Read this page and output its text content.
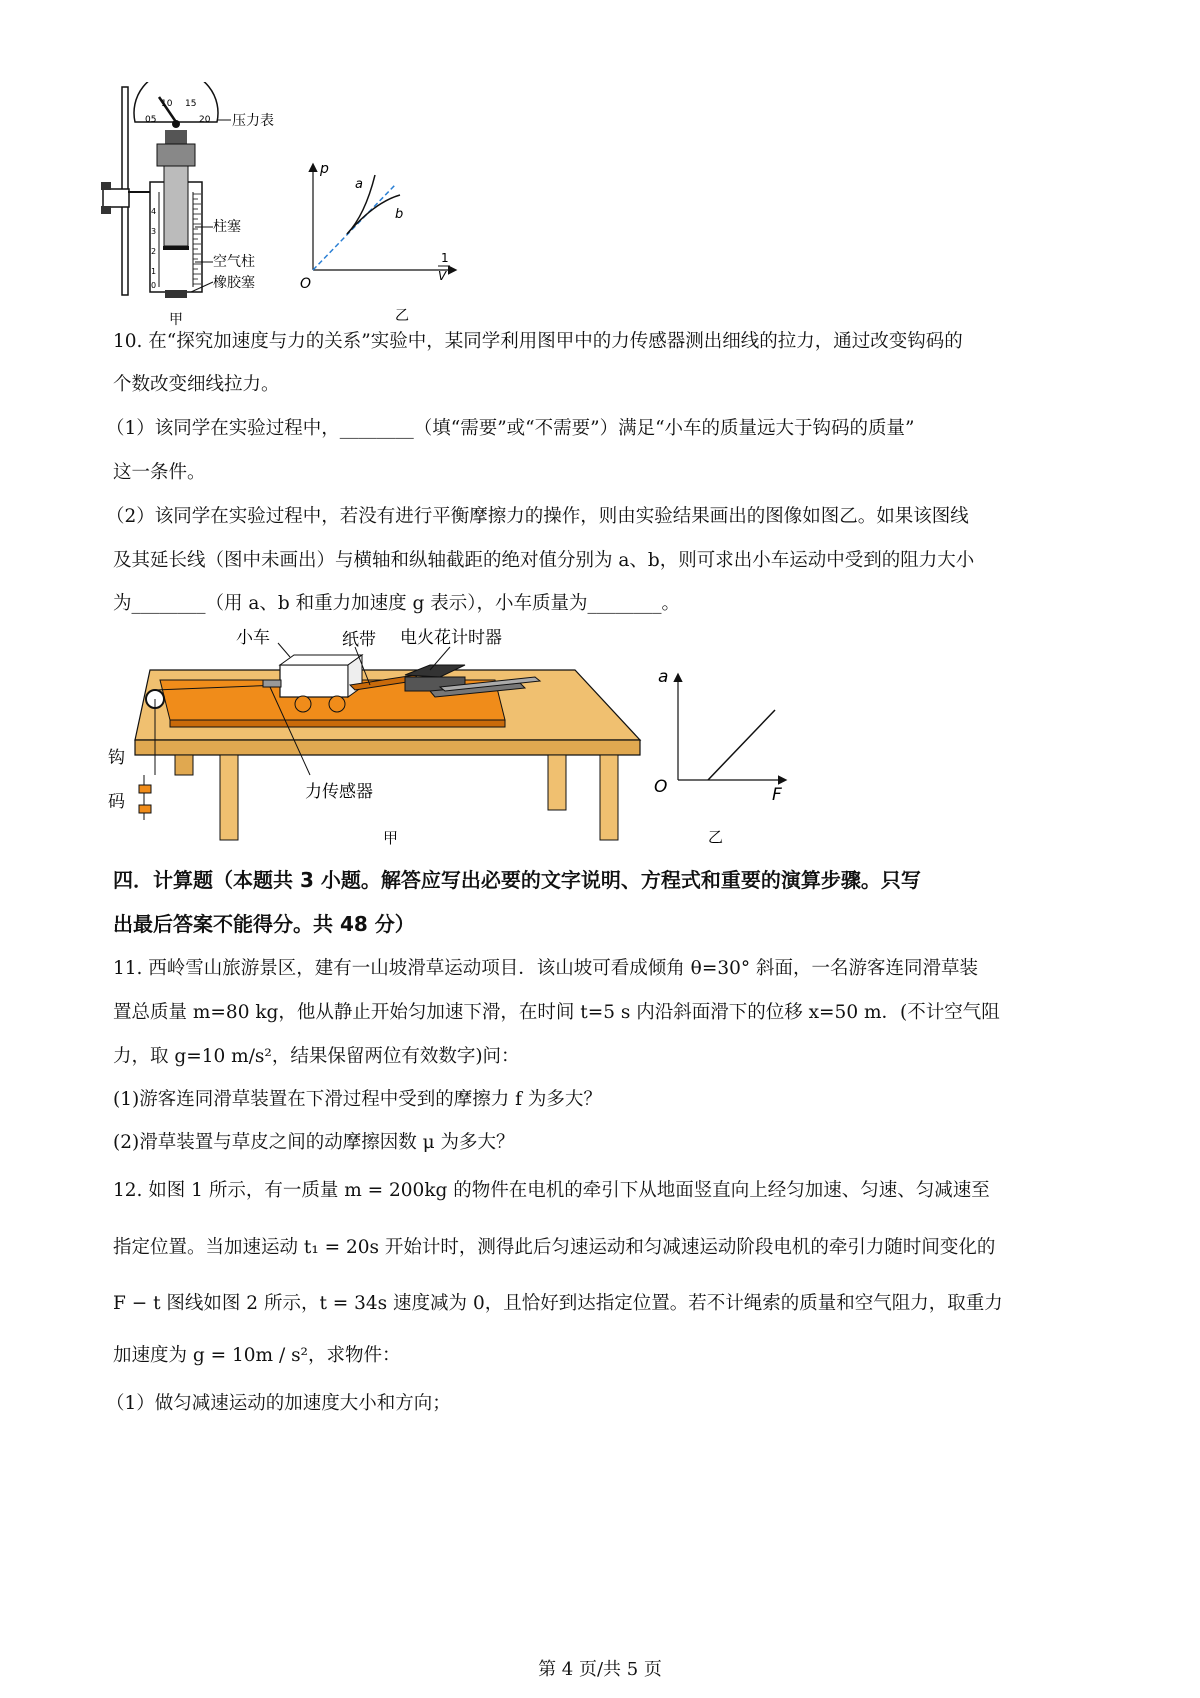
05
10 15
20
4
3
2
1
0
压力表
柱塞
空气柱
橡胶塞
甲
p
a
b
O
1
V
乙
10. 在“探究加速度与力的关系”实验中，某同学利用图甲中的力传感器测出细线的拉力，通过改变钩码的
个数改变细线拉力。
（1）该同学在实验过程中，________（填“需要”或“不需要”）满足“小车的质量远大于钩码的质量”
这一条件。
（2）该同学在实验过程中，若没有进行平衡摩擦力的操作，则由实验结果画出的图像如图乙。如果该图线
及其延长线（图中未画出）与横轴和纵轴截距的绝对值分别为 a、b，则可求出小车运动中受到的阻力大小
为________（用 a、b 和重力加速度 g 表示），小车质量为________。
小车	纸带 电火花计时器
钩
码	力传感器
甲
a
O	F
乙
四．计算题（本题共 3 小题。解答应写出必要的文字说明、方程式和重要的演算步骤。只写
出最后答案不能得分。共 48 分）
11. 西岭雪山旅游景区，建有一山坡滑草运动项目．该山坡可看成倾角 θ=30° 斜面，一名游客连同滑草装
置总质量 m=80 kg，他从静止开始匀加速下滑，在时间 t=5 s 内沿斜面滑下的位移 x=50 m．(不计空气阻
力，取 g=10 m/s²，结果保留两位有效数字)问：
(1)游客连同滑草装置在下滑过程中受到的摩擦力 f 为多大？
(2)滑草装置与草皮之间的动摩擦因数 μ 为多大？
12. 如图 1 所示，有一质量 m = 200kg 的物件在电机的牵引下从地面竖直向上经匀加速、匀速、匀减速至
指定位置。当加速运动 t₁ = 20s 开始计时，测得此后匀速运动和匀减速运动阶段电机的牵引力随时间变化的
F − t 图线如图 2 所示，t = 34s 速度减为 0，且恰好到达指定位置。若不计绳索的质量和空气阻力，取重力
加速度为 g = 10m / s²，求物件：
（1）做匀减速运动的加速度大小和方向；
第 4 页/共 5 页
